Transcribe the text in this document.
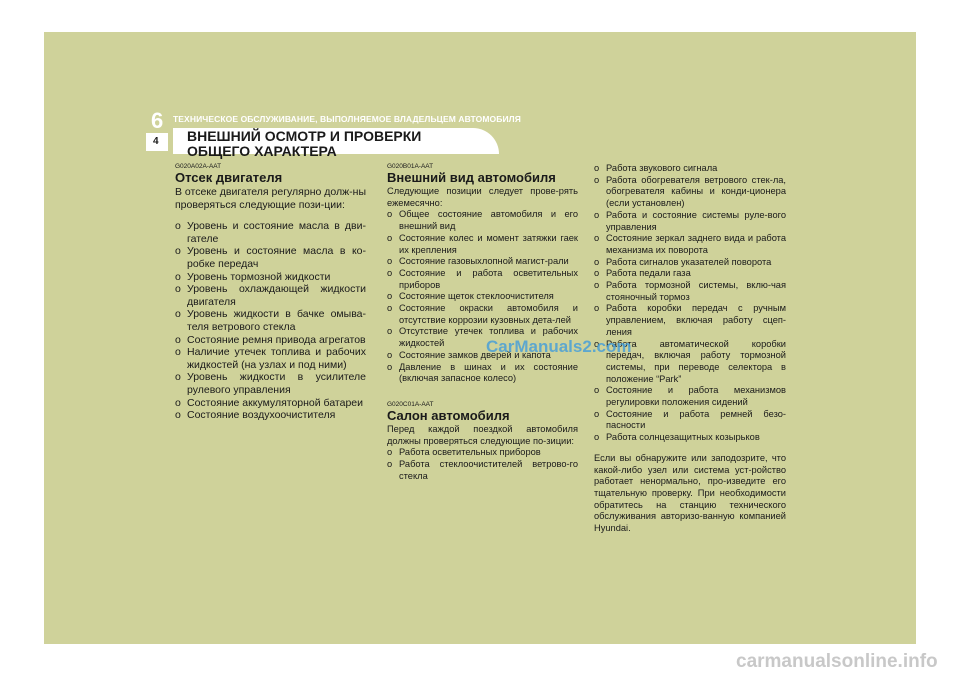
6 ТЕХНИЧЕСКОЕ ОБСЛУЖИВАНИЕ, ВЫПОЛНЯЕМОЕ ВЛАДЕЛЬЦЕМ АВТОМОБИЛЯ
4 ВНЕШНИЙ ОСМОТР И ПРОВЕРКИ ОБЩЕГО ХАРАКТЕРА
G020A02A-AAT
Отсек двигателя
В отсеке двигателя регулярно долж-ны проверяться следующие пози-ции:
o Уровень и состояние масла в дви-гателе
o Уровень и состояние масла в ко-робке передач
o Уровень тормозной жидкости
o Уровень охлаждающей жидкости двигателя
o Уровень жидкости в бачке омыва-теля ветрового стекла
o Состояние ремня привода агрегатов
o Наличие утечек топлива и рабочих жидкостей (на узлах и под ними)
o Уровень жидкости в усилителе рулевого управления
o Состояние аккумуляторной батареи
o Состояние воздухоочистителя
G020B01A-AAT
Внешний вид автомобиля
Следующие позиции следует прове-рять ежемесячно:
o Общее состояние автомобиля и его внешний вид
o Состояние колес и момент затяжки гаек их крепления
o Состояние газовыхлопной магист-рали
o Состояние и работа осветительных приборов
o Состояние щеток стеклоочистителя
o Состояние окраски автомобиля и отсутствие коррозии кузовных дета-лей
o Отсутствие утечек топлива и рабочих жидкостей
o Состояние замков дверей и капота
o Давление в шинах и их состояние (включая запасное колесо)
G020C01A-AAT
Салон автомобиля
Перед каждой поездкой автомобиля должны проверяться следующие по-зиции:
o Работа осветительных приборов
o Работа стеклоочистителей ветрово-го стекла
o Работа звукового сигнала
o Работа обогревателя ветрового стек-ла, обогревателя кабины и конди-ционера (если установлен)
o Работа и состояние системы руле-вого управления
o Состояние зеркал заднего вида и работа механизма их поворота
o Работа сигналов указателей поворота
o Работа педали газа
o Работа тормозной системы, вклю-чая стояночный тормоз
o Работа коробки передач с ручным управлением, включая работу сцеп-ления
o Работа автоматической коробки передач, включая работу тормозной системы, при переводе селектора в положение “Park”
o Состояние и работа механизмов регулировки положения сидений
o Состояние и работа ремней безо-пасности
o Работа солнцезащитных козырьков
Если вы обнаружите или заподозрите, что какой-либо узел или система уст-ройство работает ненормально, про-изведите его тщательную проверку. При необходимости обратитесь на станцию технического обслуживания авторизо-ванную компанией Hyundai.
CarManuals2.com
carmanualsonline.info
